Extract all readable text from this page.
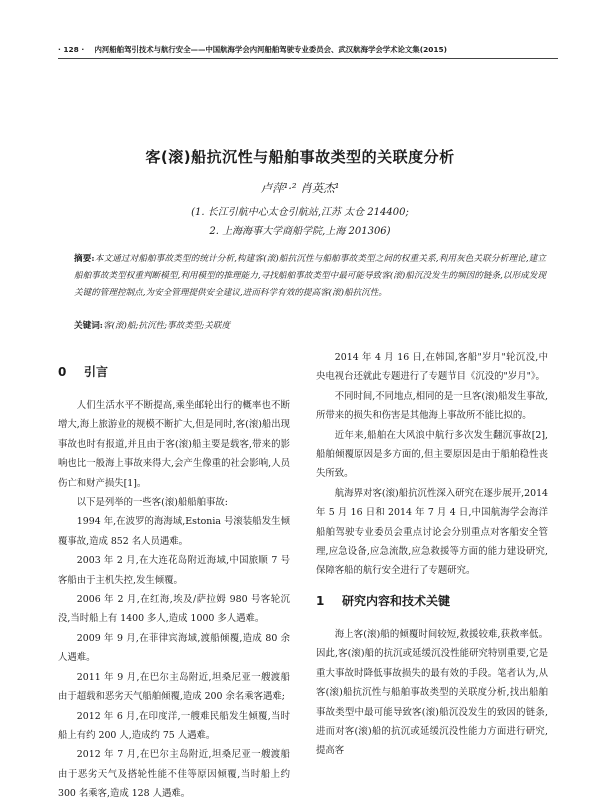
· 128 · 内河船舶驾引技术与航行安全——中国航海学会内河船舶驾驶专业委员会、武汉航海学会学术论文集(2015)
客(滚)船抗沉性与船舶事故类型的关联度分析
卢萍¹·² 肖英杰¹
(1. 长江引航中心太仓引航站,江苏 太仓 214400;
2. 上海海事大学商船学院,上海 201306)
摘要:本文通过对船舶事故类型的统计分析,构建客(滚)船抗沉性与船舶事故类型之间的权重关系,利用灰色关联分析理论,建立船舶事故类型权重判断模型,利用模型的推理能力,寻找船舶事故类型中最可能导致客(滚)船沉没发生的频因的链条,以形成发现关键的管理控制点,为安全管理提供安全建议,进而科学有效的提高客(滚)船抗沉性。
关键词:客(滚)船;抗沉性;事故类型;关联度
0 引言

人们生活水平不断提高,乘坐邮轮出行的概率也不断增大,海上旅游业的规模不断扩大,但是同时,客(滚)船出现事故也时有报道,并且由于客(滚)船主要是载客,带来的影响也比一般海上事故来得大,会产生像重的社会影响,人员伤亡和财产损失[1]。

以下是列举的一些客(滚)船船舶事故:

1994 年,在波罗的海海域,Estonia 号滚装船发生倾覆事故,造成 852 名人员遇难。

2003 年 2 月,在大连花岛附近海域,中国旅顺 7 号客船由于主机失控,发生倾覆。

2006 年 2 月,在红海,埃及/萨拉姆 980 号客轮沉没,当时船上有 1400 多人,造成 1000 多人遇难。

2009 年 9 月,在菲律宾海域,渡船倾覆,造成 80 余人遇难。

2011 年 9 月,在巴尔主岛附近,坦桑尼亚一艘渡船由于超载和恶劣天气船舶倾覆,造成 200 余名乘客遇难;

2012 年 6 月,在印度洋,一艘难民船发生倾覆,当时船上有约 200 人,造成约 75 人遇难。

2012 年 7 月,在巴尔主岛附近,坦桑尼亚一艘渡船由于恶劣天气及搭轮性能不佳等原因倾覆,当时船上约 300 名乘客,造成 128 人遇难。

2014 年 4 月 16 日,在韩国,客船"岁月"轮沉没,中央电视台还就此专题进行了专题节目《沉没的"岁月"》。

不同时间,不同地点,相同的是一旦客(滚)船发生事故,所带来的损失和伤害是其他海上事故所不能比拟的。

近年来,船舶在大风浪中航行多次发生翻沉事故[2],船舶倾覆原因是多方面的,但主要原因是由于船舶稳性丧失所致。

航海界对客(滚)船抗沉性深入研究在逐步展开,2014 年 5 月 16 日和 2014 年 7 月 4 日,中国航海学会海洋船舶驾驶专业委员会重点讨论会分别重点对客船安全管理,应急设备,应急流散,应急救援等方面的能力建设研究,保障客船的航行安全进行了专题研究。

1 研究内容和技术关键

海上客(滚)船的倾覆时间较短,救援较难,获救率低。因此,客(滚)船的抗沉或延缓沉没性能研究特别重要,它是重大事故时降低事故损失的最有效的手段。笔者认为,从客(滚)船抗沉性与船舶事故类型的关联度分析,找出船舶事故类型中最可能导致客(滚)船沉没发生的致因的链条,进而对客(滚)船的抗沉或延缓沉没性能力方面进行研究,提高客
